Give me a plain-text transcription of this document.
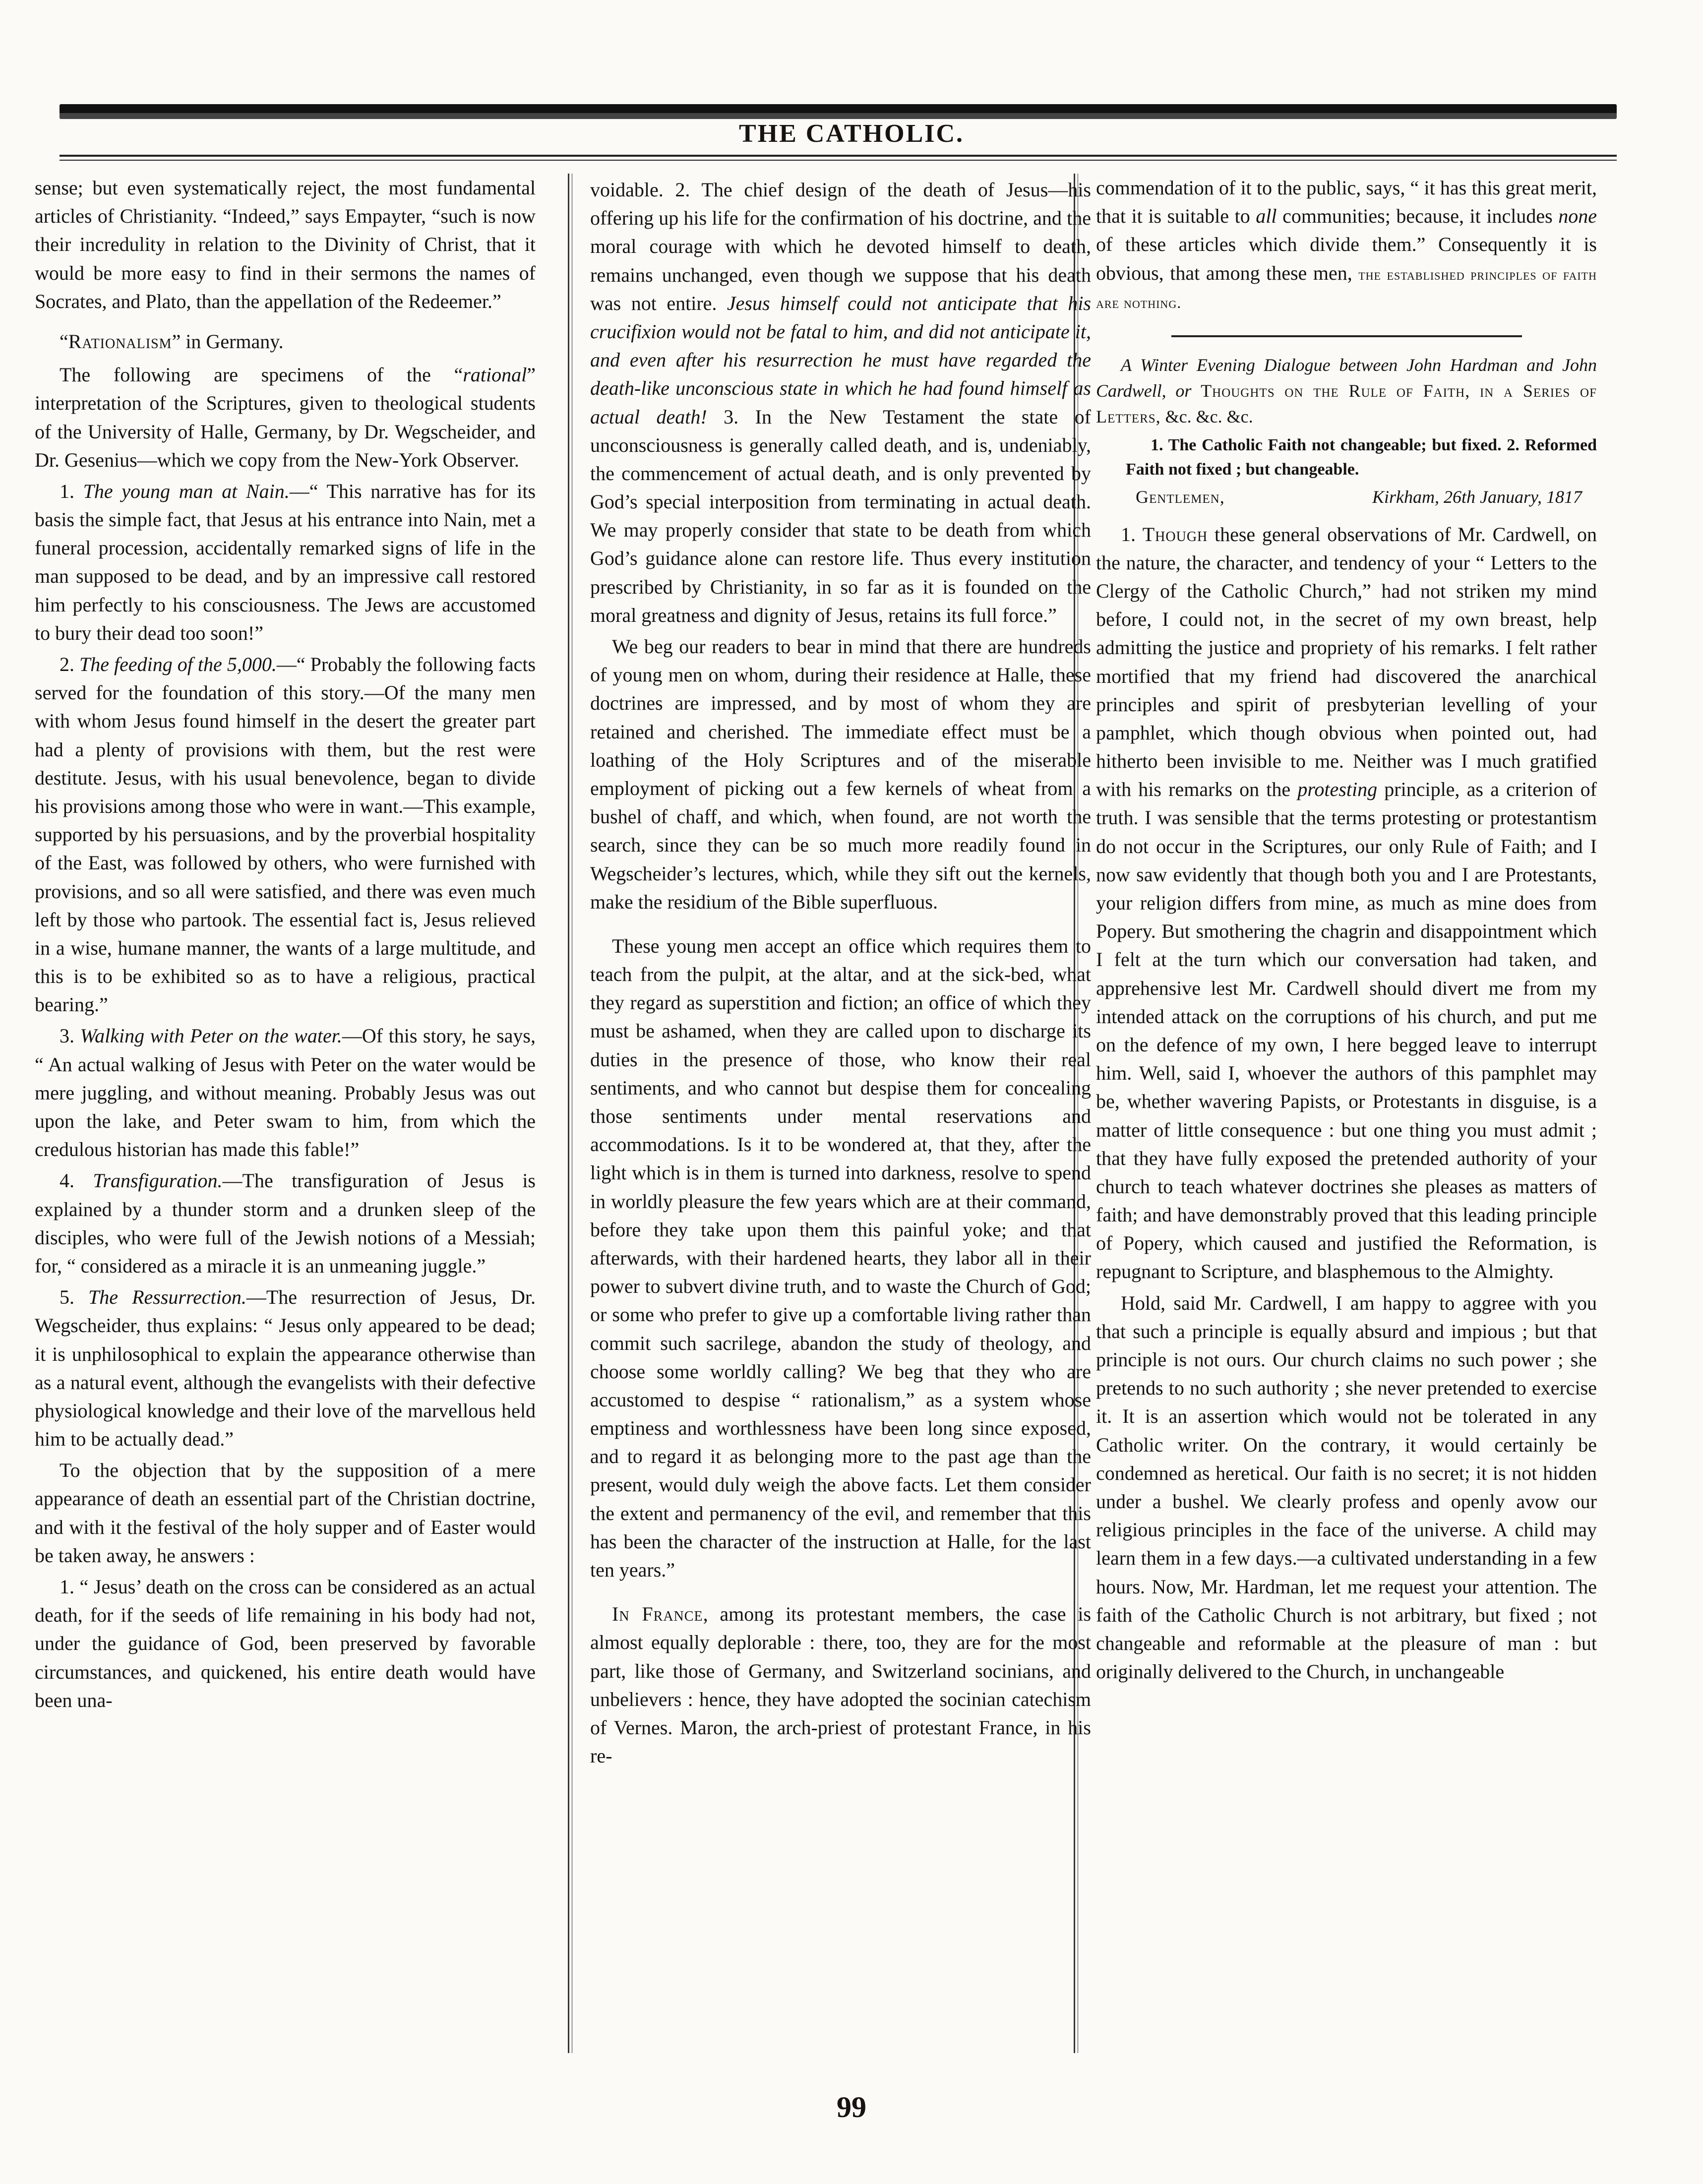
THE CATHOLIC.

sense; but even systematically reject, the most fundamental articles of Christianity. “Indeed,” says Empayter, “such is now their incredulity in relation to the Divinity of Christ, that it would be more easy to find in their sermons the names of Socrates, and Plato, than the appellation of the Redeemer.”

“Rationalism” in Germany.

The following are specimens of the “rational” interpretation of the Scriptures, given to theological students of the University of Halle, Germany, by Dr. Wegscheider, and Dr. Gesenius—which we copy from the New-York Observer.

1. The young man at Nain.—“ This narrative has for its basis the simple fact, that Jesus at his entrance into Nain, met a funeral procession, accidentally remarked signs of life in the man supposed to be dead, and by an impressive call restored him perfectly to his consciousness. The Jews are accustomed to bury their dead too soon!”

2. The feeding of the 5,000.—“ Probably the following facts served for the foundation of this story.—Of the many men with whom Jesus found himself in the desert the greater part had a plenty of provisions with them, but the rest were destitute. Jesus, with his usual benevolence, began to divide his provisions among those who were in want.—This example, supported by his persuasions, and by the proverbial hospitality of the East, was followed by others, who were furnished with provisions, and so all were satisfied, and there was even much left by those who partook. The essential fact is, Jesus relieved in a wise, humane manner, the wants of a large multitude, and this is to be exhibited so as to have a religious, practical bearing.”

3. Walking with Peter on the water.—Of this story, he says, “ An actual walking of Jesus with Peter on the water would be mere juggling, and without meaning. Probably Jesus was out upon the lake, and Peter swam to him, from which the credulous historian has made this fable!”

4. Transfiguration.—The transfiguration of Jesus is explained by a thunder storm and a drunken sleep of the disciples, who were full of the Jewish notions of a Messiah; for, “ considered as a miracle it is an unmeaning juggle.”

5. The Ressurrection.—The resurrection of Jesus, Dr. Wegscheider, thus explains: “ Jesus only appeared to be dead; it is unphilosophical to explain the appearance otherwise than as a natural event, although the evangelists with their defective physiological knowledge and their love of the marvellous held him to be actually dead.”

To the objection that by the supposition of a mere appearance of death an essential part of the Christian doctrine, and with it the festival of the holy supper and of Easter would be taken away, he answers :

1. “ Jesus’ death on the cross can be considered as an actual death, for if the seeds of life remaining in his body had not, under the guidance of God, been preserved by favorable circumstances, and quickened, his entire death would have been una-

voidable. 2. The chief design of the death of Jesus—his offering up his life for the confirmation of his doctrine, and the moral courage with which he devoted himself to death, remains unchanged, even though we suppose that his death was not entire. Jesus himself could not anticipate that his crucifixion would not be fatal to him, and did not anticipate it, and even after his resurrection he must have regarded the death-like unconscious state in which he had found himself as actual death! 3. In the New Testament the state of unconsciousness is generally called death, and is, undeniably, the commencement of actual death, and is only prevented by God’s special interposition from terminating in actual death. We may properly consider that state to be death from which God’s guidance alone can restore life. Thus every institution prescribed by Christianity, in so far as it is founded on the moral greatness and dignity of Jesus, retains its full force.”

We beg our readers to bear in mind that there are hundreds of young men on whom, during their residence at Halle, these doctrines are impressed, and by most of whom they are retained and cherished. The immediate effect must be a loathing of the Holy Scriptures and of the miserable employment of picking out a few kernels of wheat from a bushel of chaff, and which, when found, are not worth the search, since they can be so much more readily found in Wegscheider’s lectures, which, while they sift out the kernels, make the residium of the Bible superfluous.

These young men accept an office which requires them to teach from the pulpit, at the altar, and at the sick-bed, what they regard as superstition and fiction; an office of which they must be ashamed, when they are called upon to discharge its duties in the presence of those, who know their real sentiments, and who cannot but despise them for concealing those sentiments under mental reservations and accommodations. Is it to be wondered at, that they, after the light which is in them is turned into darkness, resolve to spend in worldly pleasure the few years which are at their command, before they take upon them this painful yoke; and that afterwards, with their hardened hearts, they labor all in their power to subvert divine truth, and to waste the Church of God; or some who prefer to give up a comfortable living rather than commit such sacrilege, abandon the study of theology, and choose some worldly calling? We beg that they who are accustomed to despise “ rationalism,” as a system whose emptiness and worthlessness have been long since exposed, and to regard it as belonging more to the past age than the present, would duly weigh the above facts. Let them consider the extent and permanency of the evil, and remember that this has been the character of the instruction at Halle, for the last ten years.”

In France, among its protestant members, the case is almost equally deplorable : there, too, they are for the most part, like those of Germany, and Switzerland socinians, and unbelievers : hence, they have adopted the socinian catechism of Vernes. Maron, the arch-priest of protestant France, in his re-

commendation of it to the public, says, “ it has this great merit, that it is suitable to all communities; because, it includes none of these articles which divide them.” Consequently it is obvious, that among these men, the established principles of faith are nothing.

A Winter Evening Dialogue between John Hardman and John Cardwell, or Thoughts on the Rule of Faith, in a Series of Letters, &c. &c. &c.

1. The Catholic Faith not changeable; but fixed. 2. Reformed Faith not fixed ; but changeable.

Gentlemen,	Kirkham, 26th January, 1817

1. Though these general observations of Mr. Cardwell, on the nature, the character, and tendency of your “ Letters to the Clergy of the Catholic Church,” had not striken my mind before, I could not, in the secret of my own breast, help admitting the justice and propriety of his remarks. I felt rather mortified that my friend had discovered the anarchical principles and spirit of presbyterian levelling of your pamphlet, which though obvious when pointed out, had hitherto been invisible to me. Neither was I much gratified with his remarks on the protesting principle, as a criterion of truth. I was sensible that the terms protesting or protestantism do not occur in the Scriptures, our only Rule of Faith; and I now saw evidently that though both you and I are Protestants, your religion differs from mine, as much as mine does from Popery. But smothering the chagrin and disappointment which I felt at the turn which our conversation had taken, and apprehensive lest Mr. Cardwell should divert me from my intended attack on the corruptions of his church, and put me on the defence of my own, I here begged leave to interrupt him. Well, said I, whoever the authors of this pamphlet may be, whether wavering Papists, or Protestants in disguise, is a matter of little consequence : but one thing you must admit ; that they have fully exposed the pretended authority of your church to teach whatever doctrines she pleases as matters of faith; and have demonstrably proved that this leading principle of Popery, which caused and justified the Reformation, is repugnant to Scripture, and blasphemous to the Almighty.

Hold, said Mr. Cardwell, I am happy to aggree with you that such a principle is equally absurd and impious ; but that principle is not ours. Our church claims no such power ; she pretends to no such authority ; she never pretended to exercise it. It is an assertion which would not be tolerated in any Catholic writer. On the contrary, it would certainly be condemned as heretical. Our faith is no secret; it is not hidden under a bushel. We clearly profess and openly avow our religious principles in the face of the universe. A child may learn them in a few days.—a cultivated understanding in a few hours. Now, Mr. Hardman, let me request your attention. The faith of the Catholic Church is not arbitrary, but fixed ; not changeable and reformable at the pleasure of man : but originally delivered to the Church, in unchangeable

99
